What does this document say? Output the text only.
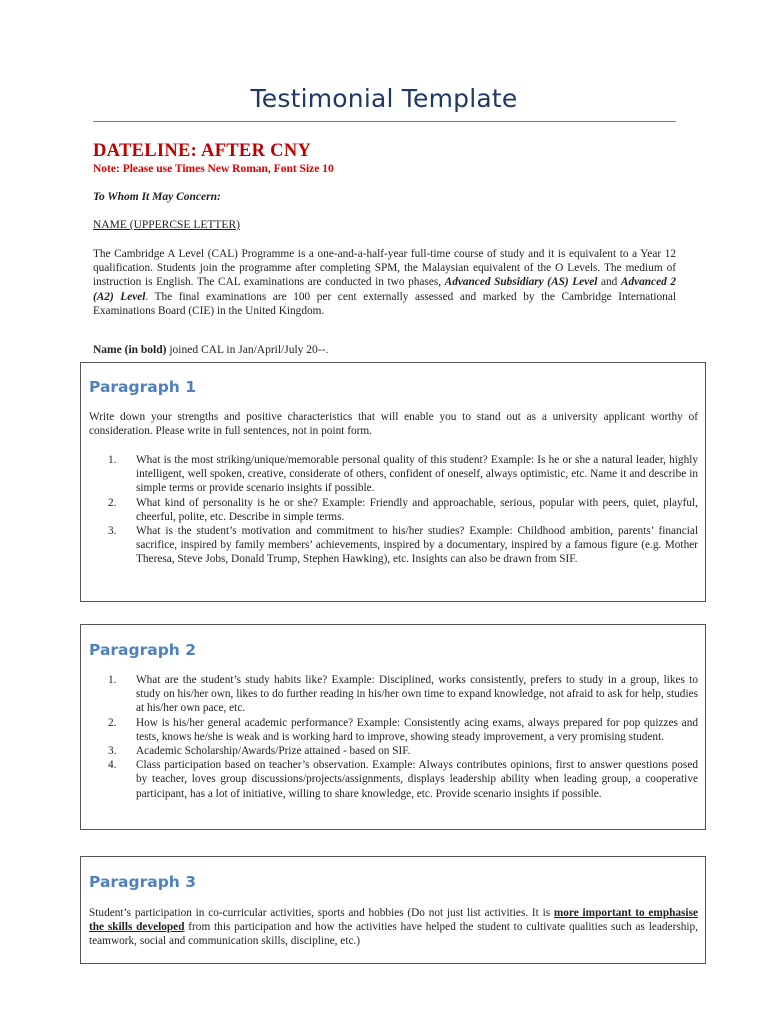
Testimonial Template
DATELINE: AFTER CNY
Note: Please use Times New Roman, Font Size 10
To Whom It May Concern:
NAME (UPPERCSE LETTER)
The Cambridge A Level (CAL) Programme is a one-and-a-half-year full-time course of study and it is equivalent to a Year 12 qualification. Students join the programme after completing SPM, the Malaysian equivalent of the O Levels. The medium of instruction is English. The CAL examinations are conducted in two phases, Advanced Subsidiary (AS) Level and Advanced 2 (A2) Level. The final examinations are 100 per cent externally assessed and marked by the Cambridge International Examinations Board (CIE) in the United Kingdom.
Name (in bold) joined CAL in Jan/April/July 20--.
Paragraph 1
Write down your strengths and positive characteristics that will enable you to stand out as a university applicant worthy of consideration. Please write in full sentences, not in point form.
1. What is the most striking/unique/memorable personal quality of this student? Example: Is he or she a natural leader, highly intelligent, well spoken, creative, considerate of others, confident of oneself, always optimistic, etc. Name it and describe in simple terms or provide scenario insights if possible.
2. What kind of personality is he or she? Example: Friendly and approachable, serious, popular with peers, quiet, playful, cheerful, polite, etc. Describe in simple terms.
3. What is the student’s motivation and commitment to his/her studies? Example: Childhood ambition, parents’ financial sacrifice, inspired by family members’ achievements, inspired by a documentary, inspired by a famous figure (e.g. Mother Theresa, Steve Jobs, Donald Trump, Stephen Hawking), etc. Insights can also be drawn from SIF.
Paragraph 2
1. What are the student’s study habits like? Example: Disciplined, works consistently, prefers to study in a group, likes to study on his/her own, likes to do further reading in his/her own time to expand knowledge, not afraid to ask for help, studies at his/her own pace, etc.
2. How is his/her general academic performance? Example: Consistently acing exams, always prepared for pop quizzes and tests, knows he/she is weak and is working hard to improve, showing steady improvement, a very promising student.
3. Academic Scholarship/Awards/Prize attained - based on SIF.
4. Class participation based on teacher’s observation. Example: Always contributes opinions, first to answer questions posed by teacher, loves group discussions/projects/assignments, displays leadership ability when leading group, a cooperative participant, has a lot of initiative, willing to share knowledge, etc. Provide scenario insights if possible.
Paragraph 3
Student’s participation in co-curricular activities, sports and hobbies (Do not just list activities. It is more important to emphasise the skills developed from this participation and how the activities have helped the student to cultivate qualities such as leadership, teamwork, social and communication skills, discipline, etc.)
